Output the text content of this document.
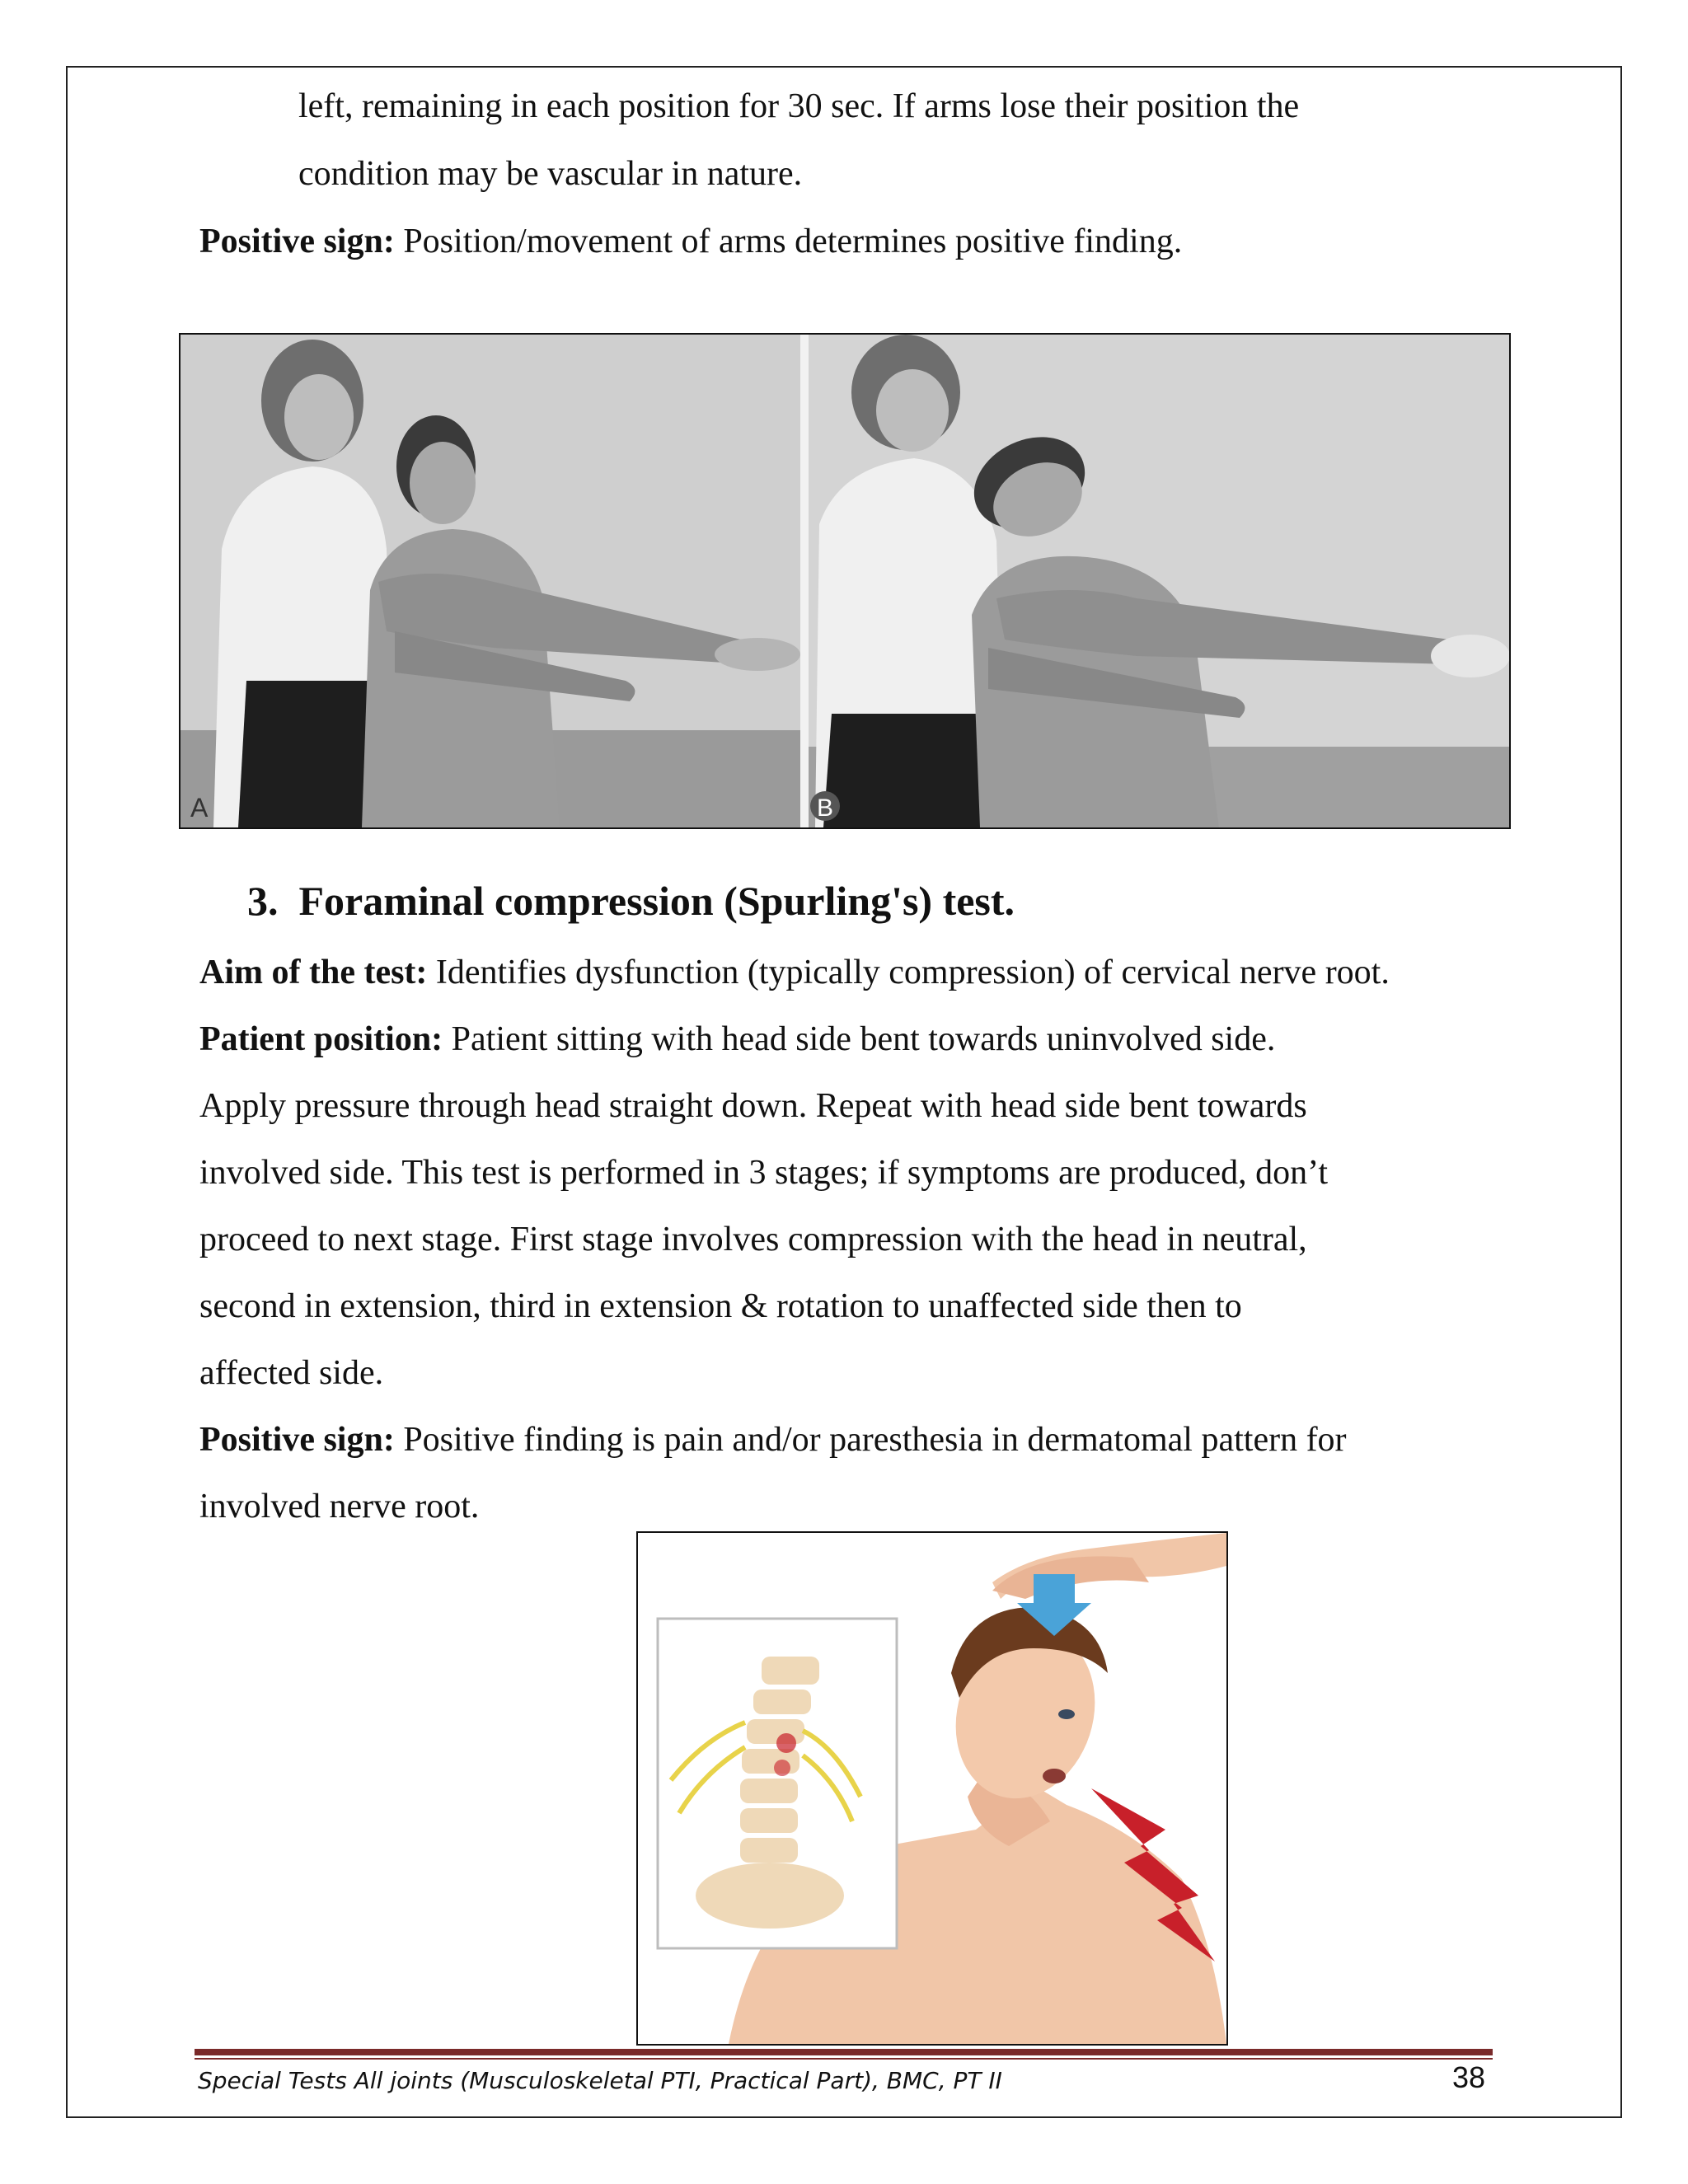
left, remaining in each position for 30 sec. If arms lose their position the
condition may be vascular in nature.
Positive sign: Position/movement of arms determines positive finding.
A	B
3. Foraminal compression (Spurling's) test.
Aim of the test: Identifies dysfunction (typically compression) of cervical nerve root.
Patient position: Patient sitting with head side bent towards uninvolved side.
Apply pressure through head straight down. Repeat with head side bent towards
involved side. This test is performed in 3 stages; if symptoms are produced, don’t
proceed to next stage. First stage involves compression with the head in neutral,
second in extension, third in extension & rotation to unaffected side then to
affected side.
Positive sign: Positive finding is pain and/or paresthesia in dermatomal pattern for
involved nerve root.
Special Tests All joints (Musculoskeletal PTI, Practical Part), BMC, PT II	38
